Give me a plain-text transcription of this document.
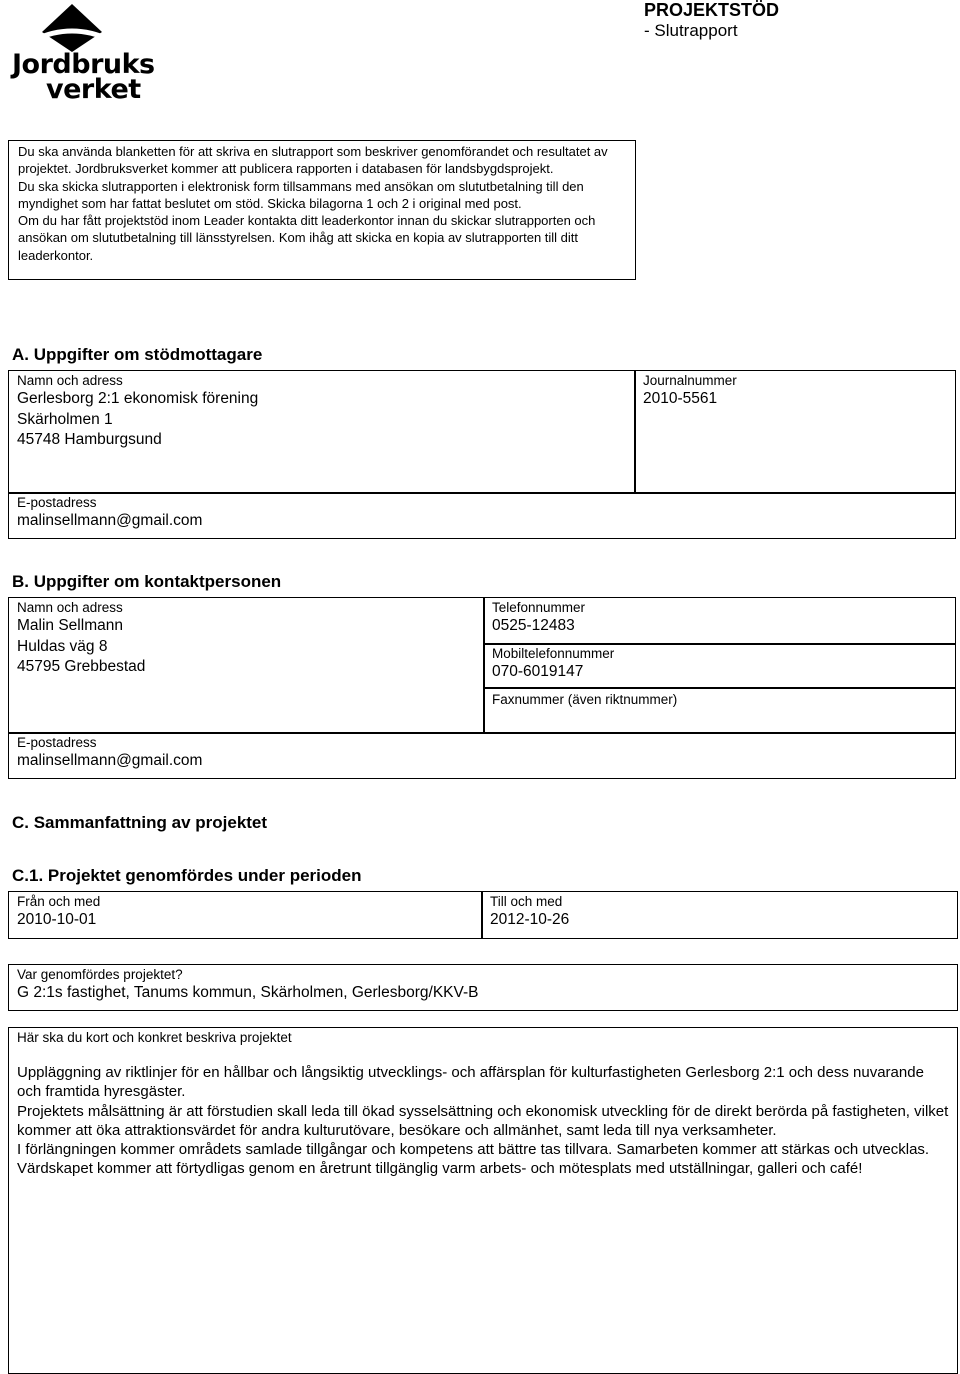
Jordbruks
verket
PROJEKTSTÖD
- Slutrapport

Du ska använda blanketten för att skriva en slutrapport som beskriver genomförandet och resultatet av projektet. Jordbruksverket kommer att publicera rapporten i databasen för landsbygdsprojekt.

Du ska skicka slutrapporten i elektronisk form tillsammans med ansökan om slututbetalning till den myndighet som har fattat beslutet om stöd. Skicka bilagorna 1 och 2 i original med post.

Om du har fått projektstöd inom Leader kontakta ditt leaderkontor innan du skickar slutrapporten och ansökan om slututbetalning till länsstyrelsen. Kom ihåg att skicka en kopia av slutrapporten till ditt leaderkontor.

A. Uppgifter om stödmottagare
Namn och adress
Gerlesborg 2:1 ekonomisk förening
Skärholmen 1
45748 Hamburgsund
Journalnummer
2010-5561
E-postadress
malinsellmann@gmail.com
B. Uppgifter om kontaktpersonen
Namn och adress
Malin Sellmann
Huldas väg 8
45795 Grebbestad
Telefonnummer
0525-12483
Mobiltelefonnummer
070-6019147
Faxnummer (även riktnummer)
E-postadress
malinsellmann@gmail.com
C. Sammanfattning av projektet
C.1. Projektet genomfördes under perioden
Från och med
2010-10-01
Till och med
2012-10-26
Var genomfördes projektet?
G 2:1s fastighet, Tanums kommun, Skärholmen, Gerlesborg/KKV-B
Här ska du kort och konkret beskriva projektet

Uppläggning av riktlinjer för en hållbar och långsiktig utvecklings- och affärsplan för kulturfastigheten Gerlesborg 2:1 och dess nuvarande och framtida hyresgäster.

Projektets målsättning är att förstudien skall leda till ökad sysselsättning och ekonomisk utveckling för de direkt berörda på fastigheten, vilket kommer att öka attraktionsvärdet för andra kulturutövare, besökare och allmänhet, samt leda till nya verksamheter.

I förlängningen kommer områdets samlade tillgångar och kompetens att bättre tas tillvara. Samarbeten kommer att stärkas och utvecklas.

Värdskapet kommer att förtydligas genom en åretrunt tillgänglig varm arbets- och mötesplats med utställningar, galleri och café!
